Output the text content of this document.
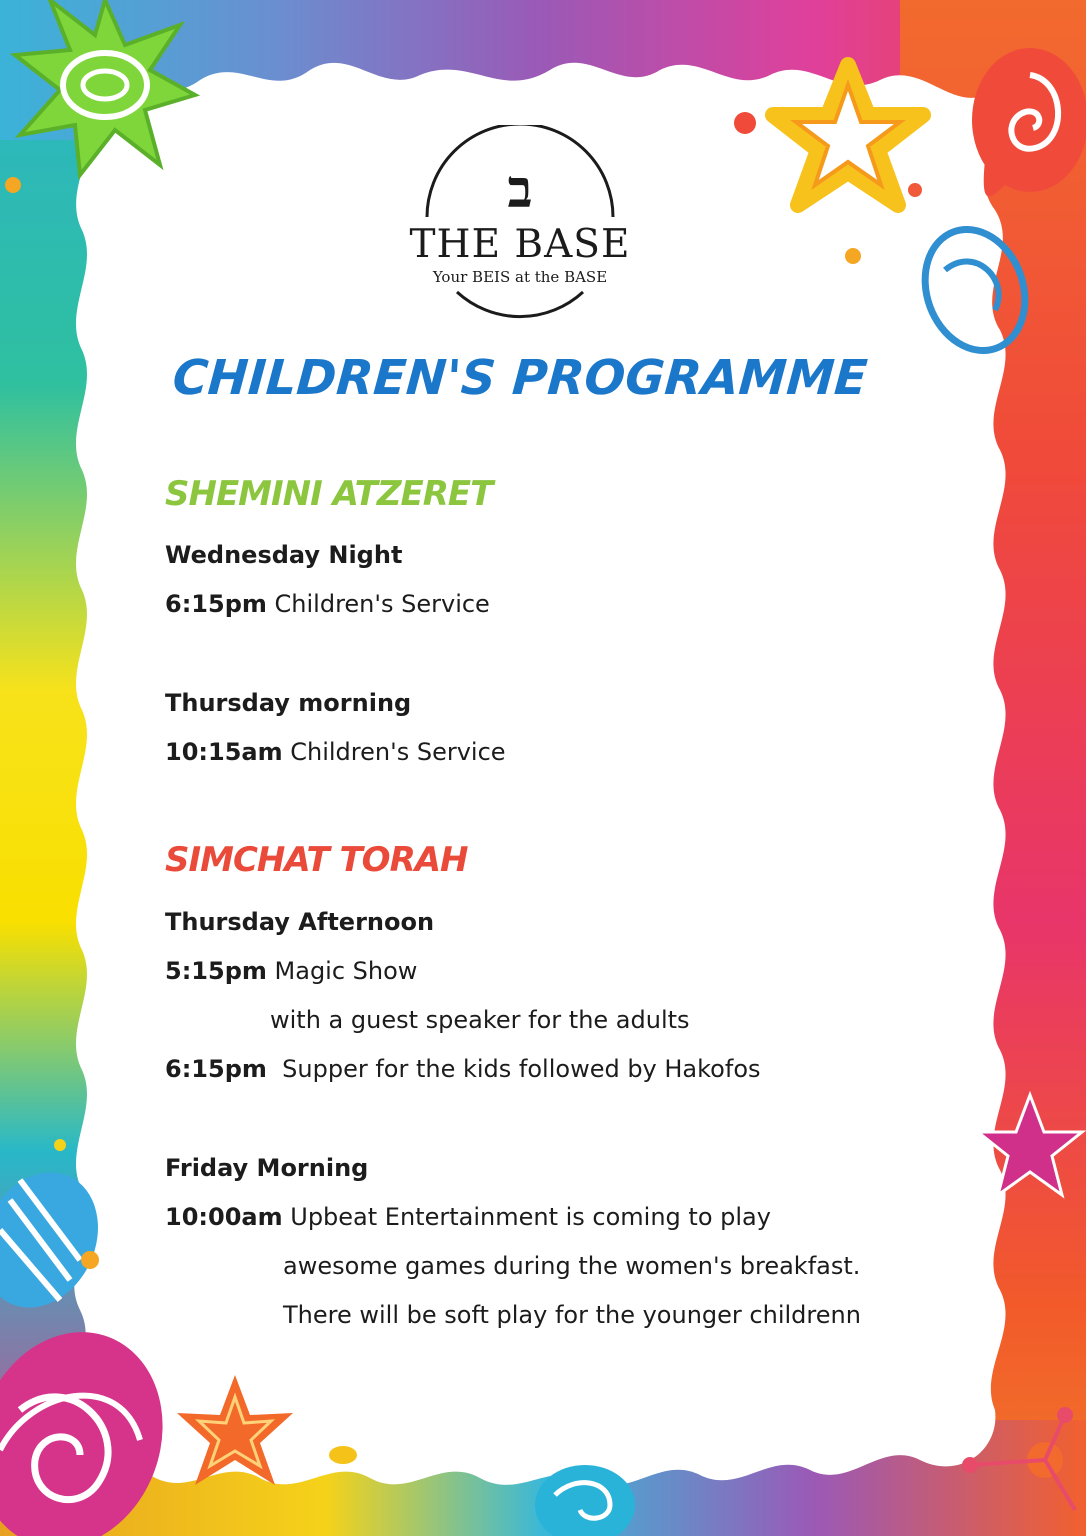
ב
THE BASE
Your BEIS at the BASE
CHILDREN'S PROGRAMME
SHEMINI ATZERET
Wednesday Night
6:15pm Children's Service
Thursday morning
10:15am Children's Service
SIMCHAT TORAH
Thursday Afternoon
5:15pm Magic Show
with a guest speaker for the adults
6:15pm Supper for the kids followed by Hakofos
Friday Morning
10:00am Upbeat Entertainment is coming to play
awesome games during the women's breakfast.
There will be soft play for the younger childrenn
